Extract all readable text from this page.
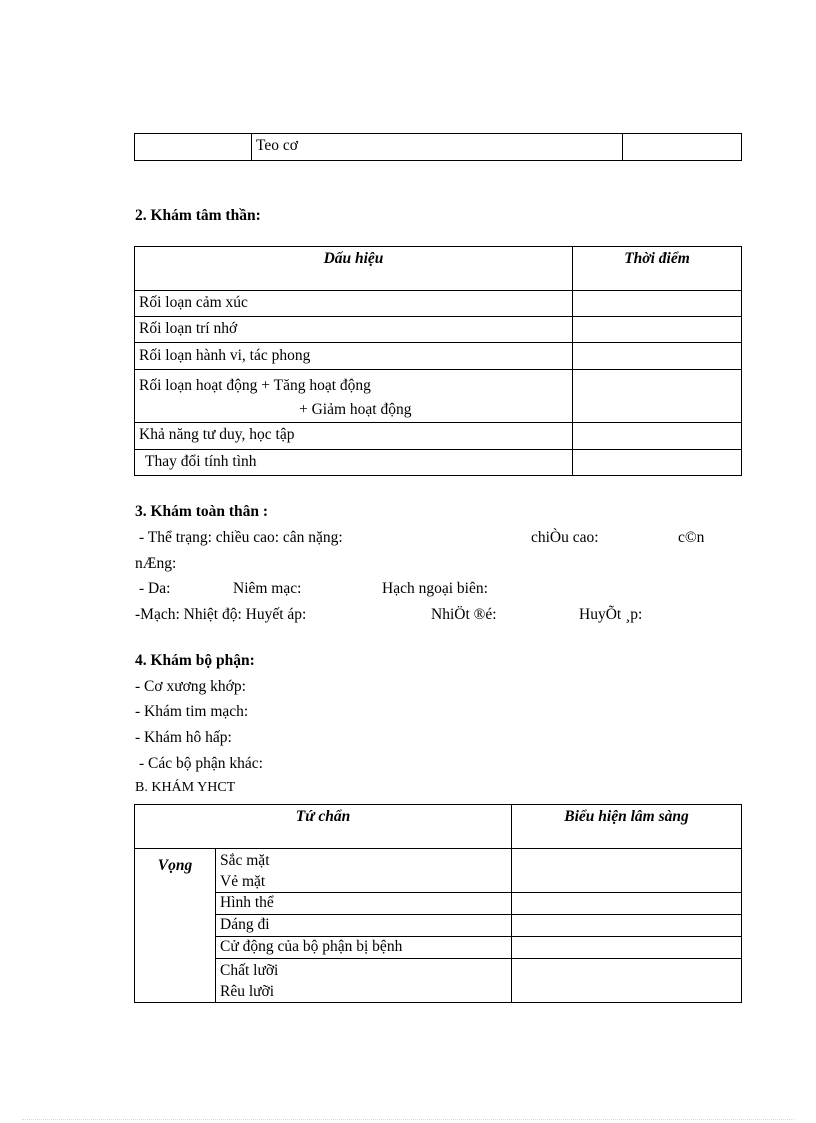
	Teo cơ	
2. Khám tâm thần:
Dấu hiệu	Thời điểm
Rối loạn cảm xúc	
Rối loạn trí nhớ	
Rối loạn hành vi, tác phong	

Rối loạn hoạt động + Tăng hoạt động
+ Giảm hoạt động	

Khả năng tư duy, học tập	
Thay đổi tính tình	
3. Khám toàn thân :
- Thể trạng: chiều cao: cân nặng:	chiÒu cao:	c©n
nÆng:
- Da:	Niêm mạc:	Hạch ngoại biên:
-Mạch: Nhiệt độ: Huyết áp:	NhiÖt ®é:	HuyÕt ¸p:
4. Khám bộ phận:
- Cơ xương khớp:
- Khám tim mạch:
- Khám hô hấp:
- Các bộ phận khác:
B. KHÁM YHCT
Tứ chẩn		Biểu hiện lâm sàng
Vọng	Sắc mặt
Vẻ mặt	

	Hình thể	
	Dáng đi	
	Cử động của bộ phận bị bệnh	

	Chất lưỡi
Rêu lưỡi	
